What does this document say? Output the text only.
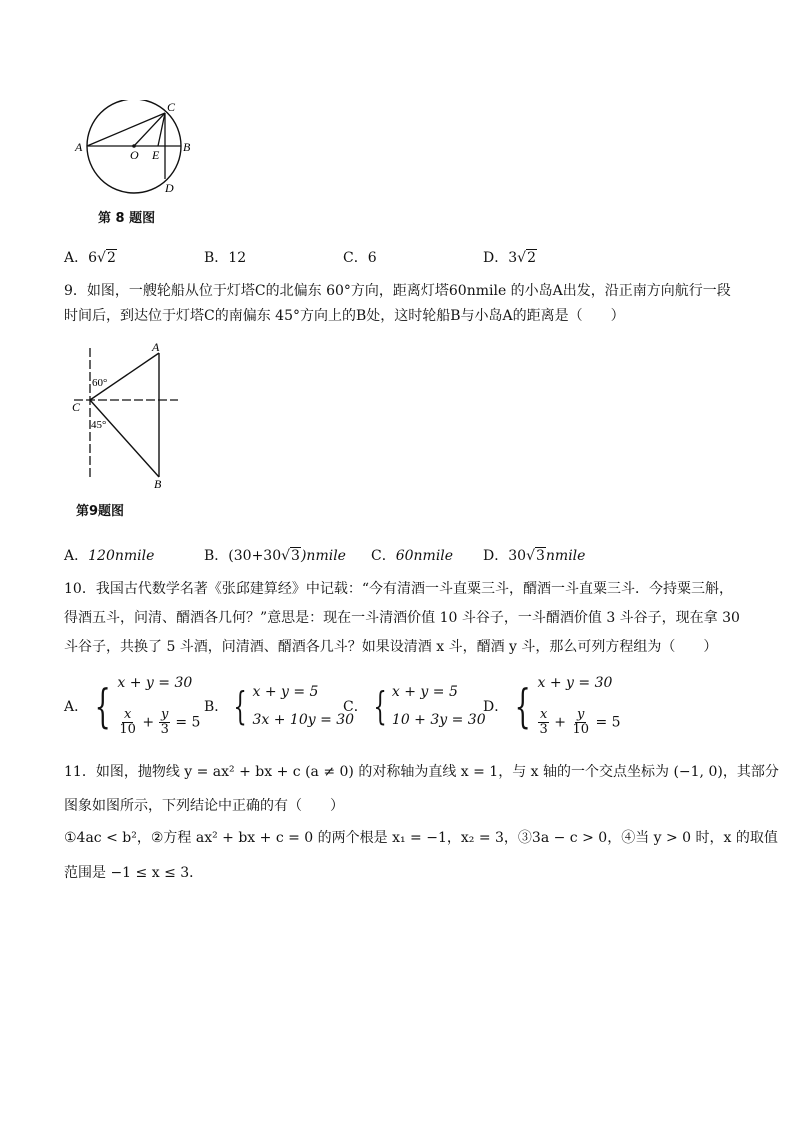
A	B
C
D
E
O
第 8 题图
A．6√2	B．12	C．6	D．3√2
9．如图，一艘轮船从位于灯塔C的北偏东 60°方向，距离灯塔60nmile 的小岛A出发，沿正南方向航行一段
时间后，到达位于灯塔C的南偏东 45°方向上的B处，这时轮船B与小岛A的距离是（　　）
A
B
C
60°
45°
第9题图
A．120nmile	B．(30+30√3)nmile C．60nmile D．30√3nmile
10．我国古代数学名著《张邱建算经》中记载：“今有清酒一斗直粟三斗，醑酒一斗直粟三斗．今持粟三斛，
得酒五斗，问清、醑酒各几何？”意思是：现在一斗清酒价值 10 斗谷子，一斗醑酒价值 3 斗谷子，现在拿 30
斗谷子，共换了 5 斗酒，问清酒、醑酒各几斗？如果设清酒 x 斗，醑酒 y 斗，那么可列方程组为（　　）
A． { x + y = 30
$\frac{x}{10} + \frac{y}{3} = 5$
B． { x + y = 5
3x + 10y = 30
C． { x + y = 5
10 + 3y = 30
D． { x + y = 30
$\frac{x}{3} + \frac{y}{10} = 5$
11．如图，抛物线 y = ax² + bx + c (a ≠ 0) 的对称轴为直线 x = 1，与 x 轴的一个交点坐标为 (−1, 0)，其部分
图象如图所示，下列结论中正确的有（　　）
①4ac < b²，②方程 ax² + bx + c = 0 的两个根是 x₁ = −1，x₂ = 3，③3a − c > 0，④当 y > 0 时，x 的取值
范围是 −1 ≤ x ≤ 3．
